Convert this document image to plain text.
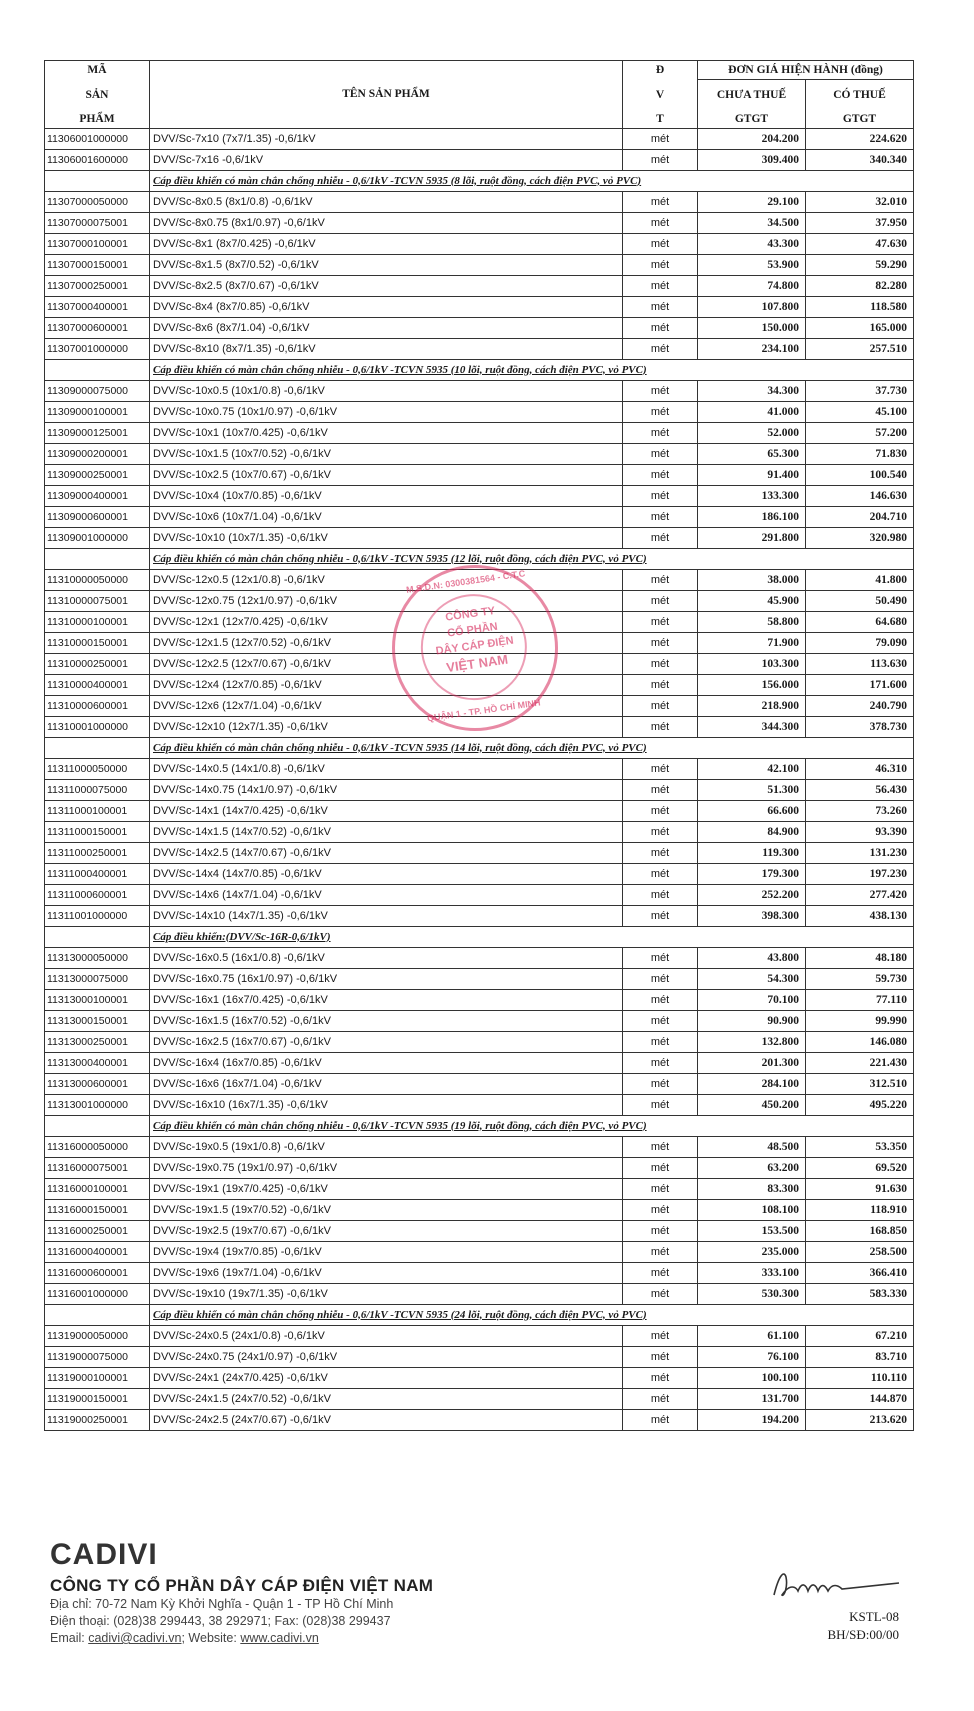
MÃ	TÊN SẢN PHẨM	Đ	ĐƠN GIÁ HIỆN HÀNH (đồng)	
SẢN		V	CHƯA THUẾ	CÓ THUẾ
PHẨM		T	GTGT	GTGT
11306001000000	DVV/Sc-7x10 (7x7/1.35) -0,6/1kV	mét	204.200	224.620
11306001600000	DVV/Sc-7x16 -0,6/1kV	mét	309.400	340.340
	Cáp điều khiển có màn chắn chống nhiễu - 0,6/1kV -TCVN 5935 (8 lõi, ruột đồng, cách điện PVC, vỏ PVC)			
11307000050000	DVV/Sc-8x0.5 (8x1/0.8) -0,6/1kV	mét	29.100	32.010
11307000075001	DVV/Sc-8x0.75 (8x1/0.97) -0,6/1kV	mét	34.500	37.950
11307000100001	DVV/Sc-8x1 (8x7/0.425) -0,6/1kV	mét	43.300	47.630
11307000150001	DVV/Sc-8x1.5 (8x7/0.52) -0,6/1kV	mét	53.900	59.290
11307000250001	DVV/Sc-8x2.5 (8x7/0.67) -0,6/1kV	mét	74.800	82.280
11307000400001	DVV/Sc-8x4 (8x7/0.85) -0,6/1kV	mét	107.800	118.580
11307000600001	DVV/Sc-8x6 (8x7/1.04) -0,6/1kV	mét	150.000	165.000
11307001000000	DVV/Sc-8x10 (8x7/1.35) -0,6/1kV	mét	234.100	257.510
	Cáp điều khiển có màn chắn chống nhiễu - 0,6/1kV -TCVN 5935 (10 lõi, ruột đồng, cách điện PVC, vỏ PVC)			
11309000075000	DVV/Sc-10x0.5 (10x1/0.8) -0,6/1kV	mét	34.300	37.730
11309000100001	DVV/Sc-10x0.75 (10x1/0.97) -0,6/1kV	mét	41.000	45.100
11309000125001	DVV/Sc-10x1 (10x7/0.425) -0,6/1kV	mét	52.000	57.200
11309000200001	DVV/Sc-10x1.5 (10x7/0.52) -0,6/1kV	mét	65.300	71.830
11309000250001	DVV/Sc-10x2.5 (10x7/0.67) -0,6/1kV	mét	91.400	100.540
11309000400001	DVV/Sc-10x4 (10x7/0.85) -0,6/1kV	mét	133.300	146.630
11309000600001	DVV/Sc-10x6 (10x7/1.04) -0,6/1kV	mét	186.100	204.710
11309001000000	DVV/Sc-10x10 (10x7/1.35) -0,6/1kV	mét	291.800	320.980
	Cáp điều khiển có màn chắn chống nhiễu - 0,6/1kV -TCVN 5935 (12 lõi, ruột đồng, cách điện PVC, vỏ PVC)			
11310000050000	DVV/Sc-12x0.5 (12x1/0.8) -0,6/1kV	mét	38.000	41.800
11310000075001	DVV/Sc-12x0.75 (12x1/0.97) -0,6/1kV	mét	45.900	50.490
11310000100001	DVV/Sc-12x1 (12x7/0.425) -0,6/1kV	mét	58.800	64.680
11310000150001	DVV/Sc-12x1.5 (12x7/0.52) -0,6/1kV	mét	71.900	79.090
11310000250001	DVV/Sc-12x2.5 (12x7/0.67) -0,6/1kV	mét	103.300	113.630
11310000400001	DVV/Sc-12x4 (12x7/0.85) -0,6/1kV	mét	156.000	171.600
11310000600001	DVV/Sc-12x6 (12x7/1.04) -0,6/1kV	mét	218.900	240.790
11310001000000	DVV/Sc-12x10 (12x7/1.35) -0,6/1kV	mét	344.300	378.730
	Cáp điều khiển có màn chắn chống nhiễu - 0,6/1kV -TCVN 5935 (14 lõi, ruột đồng, cách điện PVC, vỏ PVC)			
11311000050000	DVV/Sc-14x0.5 (14x1/0.8) -0,6/1kV	mét	42.100	46.310
11311000075000	DVV/Sc-14x0.75 (14x1/0.97) -0,6/1kV	mét	51.300	56.430
11311000100001	DVV/Sc-14x1 (14x7/0.425) -0,6/1kV	mét	66.600	73.260
11311000150001	DVV/Sc-14x1.5 (14x7/0.52) -0,6/1kV	mét	84.900	93.390
11311000250001	DVV/Sc-14x2.5 (14x7/0.67) -0,6/1kV	mét	119.300	131.230
11311000400001	DVV/Sc-14x4 (14x7/0.85) -0,6/1kV	mét	179.300	197.230
11311000600001	DVV/Sc-14x6 (14x7/1.04) -0,6/1kV	mét	252.200	277.420
11311001000000	DVV/Sc-14x10 (14x7/1.35) -0,6/1kV	mét	398.300	438.130
	Cáp điều khiển:(DVV/Sc-16R-0,6/1kV)			
11313000050000	DVV/Sc-16x0.5 (16x1/0.8) -0,6/1kV	mét	43.800	48.180
11313000075000	DVV/Sc-16x0.75 (16x1/0.97) -0,6/1kV	mét	54.300	59.730
11313000100001	DVV/Sc-16x1 (16x7/0.425) -0,6/1kV	mét	70.100	77.110
11313000150001	DVV/Sc-16x1.5 (16x7/0.52) -0,6/1kV	mét	90.900	99.990
11313000250001	DVV/Sc-16x2.5 (16x7/0.67) -0,6/1kV	mét	132.800	146.080
11313000400001	DVV/Sc-16x4 (16x7/0.85) -0,6/1kV	mét	201.300	221.430
11313000600001	DVV/Sc-16x6 (16x7/1.04) -0,6/1kV	mét	284.100	312.510
11313001000000	DVV/Sc-16x10 (16x7/1.35) -0,6/1kV	mét	450.200	495.220
	Cáp điều khiển có màn chắn chống nhiễu - 0,6/1kV -TCVN 5935 (19 lõi, ruột đồng, cách điện PVC, vỏ PVC)			
11316000050000	DVV/Sc-19x0.5 (19x1/0.8) -0,6/1kV	mét	48.500	53.350
11316000075001	DVV/Sc-19x0.75 (19x1/0.97) -0,6/1kV	mét	63.200	69.520
11316000100001	DVV/Sc-19x1 (19x7/0.425) -0,6/1kV	mét	83.300	91.630
11316000150001	DVV/Sc-19x1.5 (19x7/0.52) -0,6/1kV	mét	108.100	118.910
11316000250001	DVV/Sc-19x2.5 (19x7/0.67) -0,6/1kV	mét	153.500	168.850
11316000400001	DVV/Sc-19x4 (19x7/0.85) -0,6/1kV	mét	235.000	258.500
11316000600001	DVV/Sc-19x6 (19x7/1.04) -0,6/1kV	mét	333.100	366.410
11316001000000	DVV/Sc-19x10 (19x7/1.35) -0,6/1kV	mét	530.300	583.330
	Cáp điều khiển có màn chắn chống nhiễu - 0,6/1kV -TCVN 5935 (24 lõi, ruột đồng, cách điện PVC, vỏ PVC)			
11319000050000	DVV/Sc-24x0.5 (24x1/0.8) -0,6/1kV	mét	61.100	67.210
11319000075000	DVV/Sc-24x0.75 (24x1/0.97) -0,6/1kV	mét	76.100	83.710
11319000100001	DVV/Sc-24x1 (24x7/0.425) -0,6/1kV	mét	100.100	110.110
11319000150001	DVV/Sc-24x1.5 (24x7/0.52) -0,6/1kV	mét	131.700	144.870
11319000250001	DVV/Sc-24x2.5 (24x7/0.67) -0,6/1kV	mét	194.200	213.620
M.S.D.N: 0300381564 - C.T.C
CÔNG TY
CỔ PHẦN
DÂY CÁP ĐIỆN
VIỆT NAM
QUẬN 1 - TP. HỒ CHÍ MINH
CADIVI
CÔNG TY CỔ PHẦN DÂY CÁP ĐIỆN VIỆT NAM
Địa chỉ: 70-72 Nam Kỳ Khởi Nghĩa - Quận 1 - TP Hồ Chí Minh
Điện thoại: (028)38 299443, 38 292971; Fax: (028)38 299437
Email: cadivi@cadivi.vn; Website: www.cadivi.vn
KSTL-08
BH/SĐ:00/00
